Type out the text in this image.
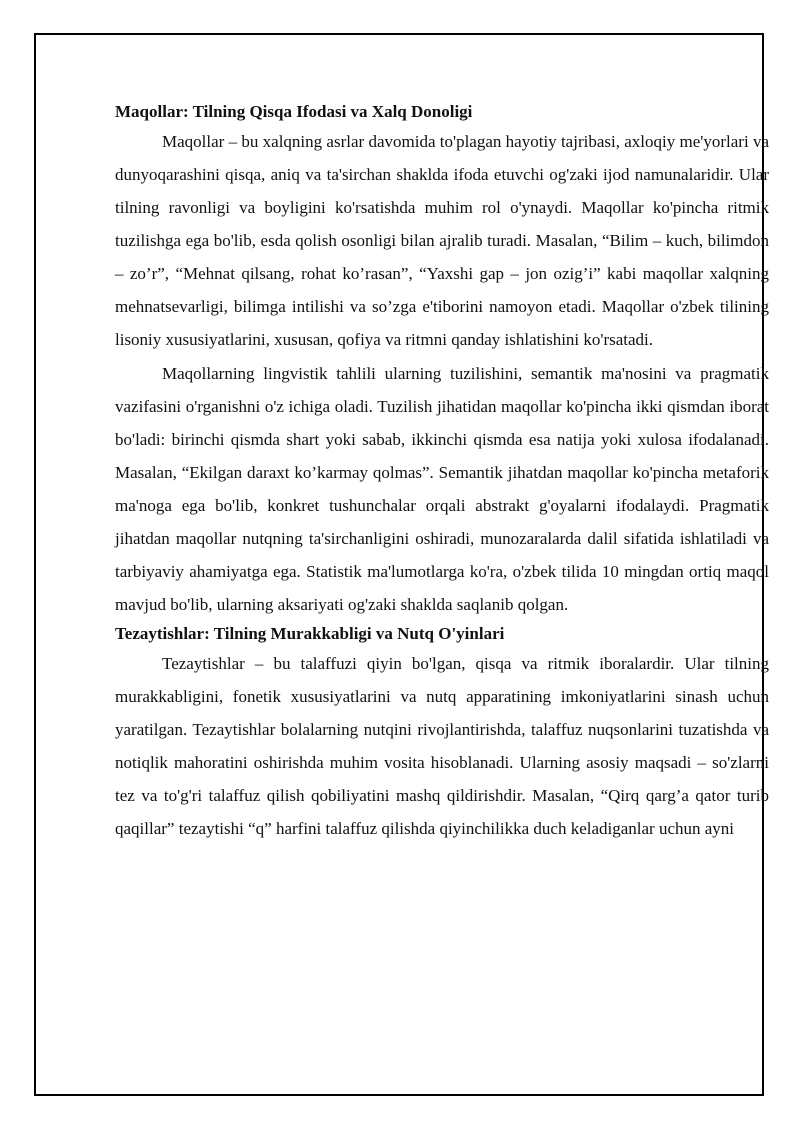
Maqollar: Tilning Qisqa Ifodasi va Xalq Donoligi

Maqollar – bu xalqning asrlar davomida to'plagan hayotiy tajribasi, axloqiy me'yorlari va dunyoqarashini qisqa, aniq va ta'sirchan shaklda ifoda etuvchi og'zaki ijod namunalaridir. Ular tilning ravonligi va boyligini ko'rsatishda muhim rol o'ynaydi. Maqollar ko'pincha ritmik tuzilishga ega bo'lib, esda qolish osonligi bilan ajralib turadi. Masalan, “Bilim – kuch, bilimdon – zo’r”, “Mehnat qilsang, rohat ko’rasan”, “Yaxshi gap – jon ozig’i” kabi maqollar xalqning mehnatsevarligi, bilimga intilishi va so’zga e'tiborini namoyon etadi. Maqollar o'zbek tilining lisoniy xususiyatlarini, xususan, qofiya va ritmni qanday ishlatishini ko'rsatadi.

Maqollarning lingvistik tahlili ularning tuzilishini, semantik ma'nosini va pragmatik vazifasini o'rganishni o'z ichiga oladi. Tuzilish jihatidan maqollar ko'pincha ikki qismdan iborat bo'ladi: birinchi qismda shart yoki sabab, ikkinchi qismda esa natija yoki xulosa ifodalanadi. Masalan, “Ekilgan daraxt ko’karmay qolmas”. Semantik jihatdan maqollar ko'pincha metaforik ma'noga ega bo'lib, konkret tushunchalar orqali abstrakt g'oyalarni ifodalaydi. Pragmatik jihatdan maqollar nutqning ta'sirchanligini oshiradi, munozaralarda dalil sifatida ishlatiladi va tarbiyaviy ahamiyatga ega. Statistik ma'lumotlarga ko'ra, o'zbek tilida 10 mingdan ortiq maqol mavjud bo'lib, ularning aksariyati og'zaki shaklda saqlanib qolgan.

Tezaytishlar: Tilning Murakkabligi va Nutq O'yinlari

Tezaytishlar – bu talaffuzi qiyin bo'lgan, qisqa va ritmik iboralardir. Ular tilning murakkabligini, fonetik xususiyatlarini va nutq apparatining imkoniyatlarini sinash uchun yaratilgan. Tezaytishlar bolalarning nutqini rivojlantirishda, talaffuz nuqsonlarini tuzatishda va notiqlik mahoratini oshirishda muhim vosita hisoblanadi. Ularning asosiy maqsadi – so'zlarni tez va to'g'ri talaffuz qilish qobiliyatini mashq qildirishdir. Masalan, “Qirq qarg’a qator turib qaqillar” tezaytishi “q” harfini talaffuz qilishda qiyinchilikka duch keladiganlar uchun ayni
